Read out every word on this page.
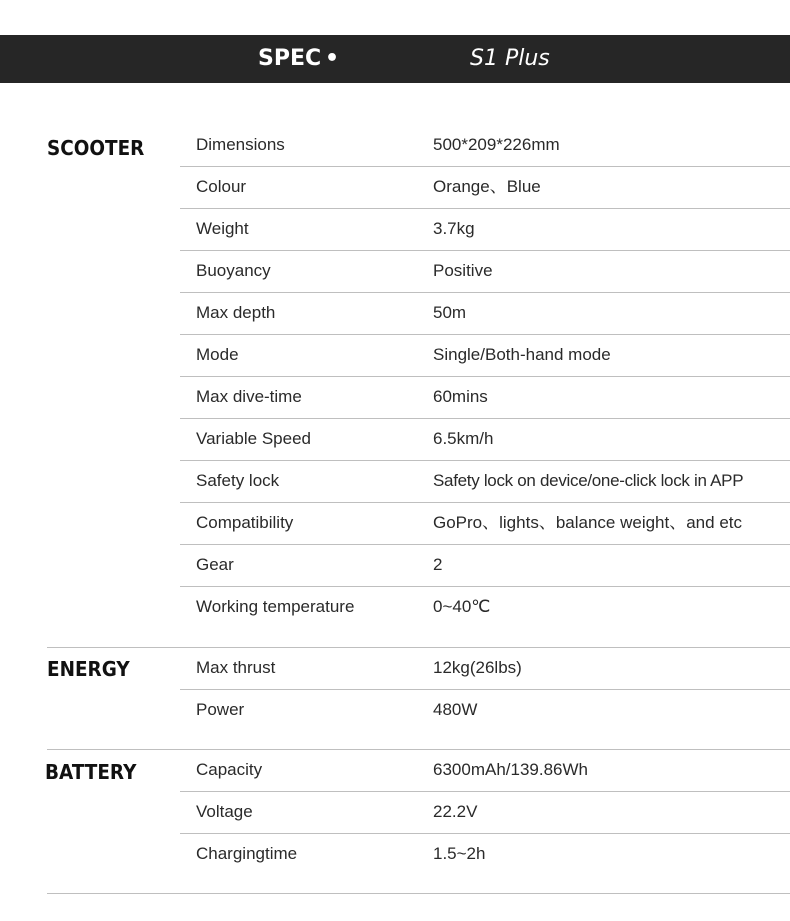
SPEC •	S1 Plus
SCOOTER	Dimensions	500*209*226mm
Colour	Orange、Blue
Weight	3.7kg
Buoyancy	Positive
Max depth	50m
Mode	Single/Both-hand mode
Max dive-time	60mins
Variable Speed	6.5km/h
Safety lock	Safety lock on device/one-click lock in APP
Compatibility	GoPro、lights、balance weight、and etc
Gear	2
Working temperature	0~40℃
ENERGY	Max thrust	12kg(26lbs)
Power	480W
BATTERY	Capacity	6300mAh/139.86Wh
Voltage	22.2V
Chargingtime	1.5~2h
